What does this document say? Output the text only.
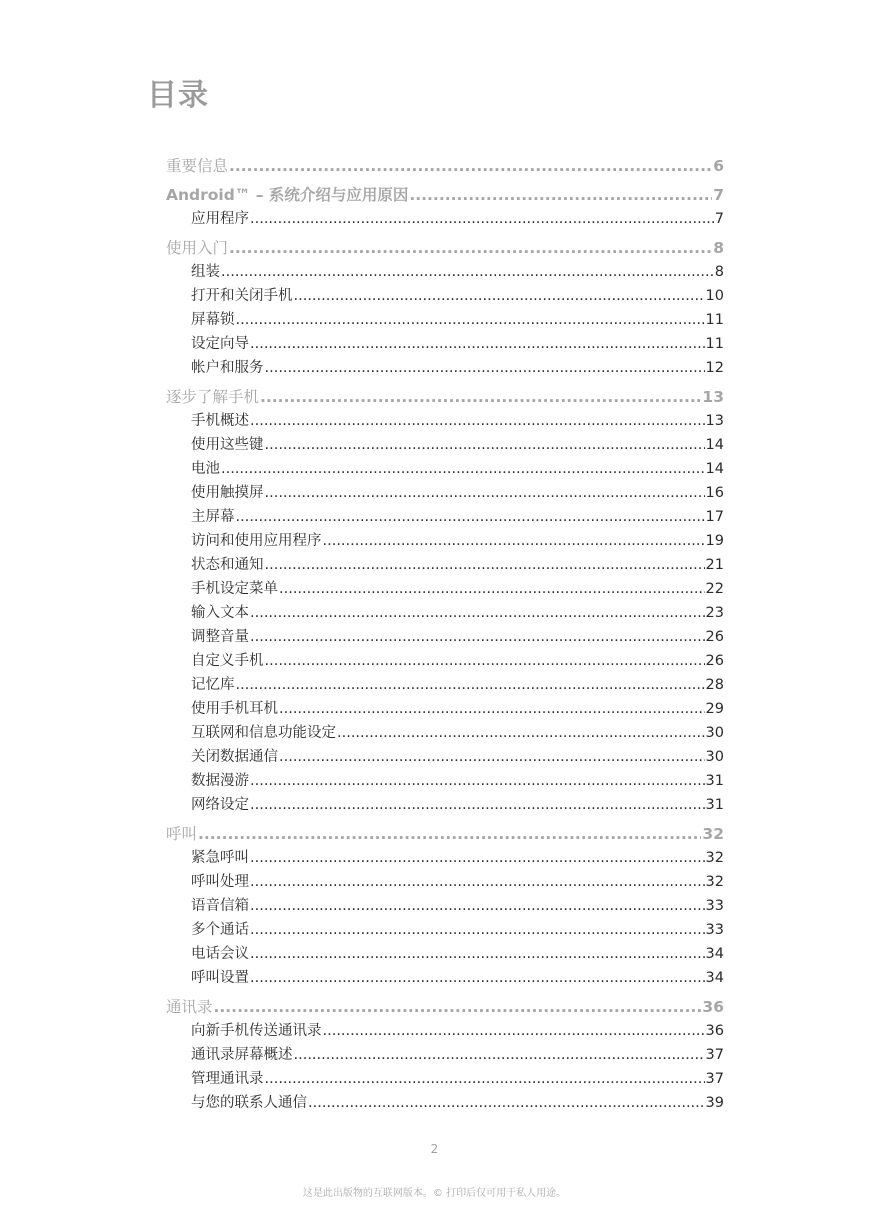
目录
重要信息 .....	6
Android™ – 系统介绍与应用原因 .....	7
应用程序 .....	7
使用入门 .....	8
组装 .....	8
打开和关闭手机 .....	10
屏幕锁 .....	11
设定向导 .....	11
帐户和服务 .....	12
逐步了解手机 .....	13
手机概述 .....	13
使用这些键 .....	14
电池 .....	14
使用触摸屏 .....	16
主屏幕 .....	17
访问和使用应用程序 .....	19
状态和通知 .....	21
手机设定菜单 .....	22
输入文本 .....	23
调整音量 .....	26
自定义手机 .....	26
记忆库 .....	28
使用手机耳机 .....	29
互联网和信息功能设定 .....	30
关闭数据通信 .....	30
数据漫游 .....	31
网络设定 .....	31
呼叫 .....	32
紧急呼叫 .....	32
呼叫处理 .....	32
语音信箱 .....	33
多个通话 .....	33
电话会议 .....	34
呼叫设置 .....	34
通讯录 .....	36
向新手机传送通讯录 .....	36
通讯录屏幕概述 .....	37
管理通讯录 .....	37
与您的联系人通信 .....	39
2
这是此出版物的互联网版本。© 打印后仅可用于私人用途。
